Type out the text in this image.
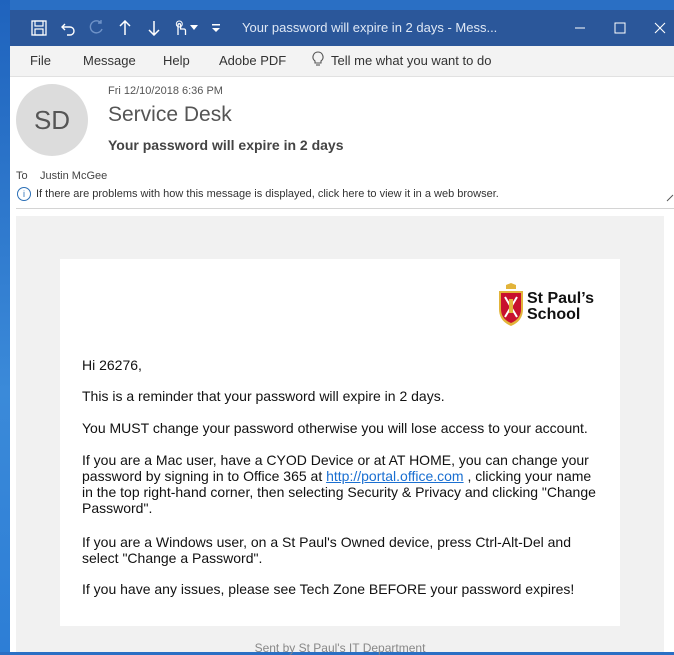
Your password will expire in 2 days - Mess...
File Message Help Adobe PDF	Tell me what you want to do
SD
Fri 12/10/2018 6:36 PM
Service Desk
Your password will expire in 2 days
To Justin McGee
i	If there are problems with how this message is displayed, click here to view it in a web browser.
Sent by St Paul's IT Department
St Paul’s
School
Hi 26276,
This is a reminder that your password will expire in 2 days.
You MUST change your password otherwise you will lose access to your account.
If you are a Mac user, have a CYOD Device or at AT HOME, you can change your password by signing in to Office 365 at http://portal.office.com , clicking your name in the top right-hand corner, then selecting Security & Privacy and clicking "Change Password".
If you are a Windows user, on a St Paul's Owned device, press Ctrl-Alt-Del and select "Change a Password".
If you have any issues, please see Tech Zone BEFORE your password expires!
